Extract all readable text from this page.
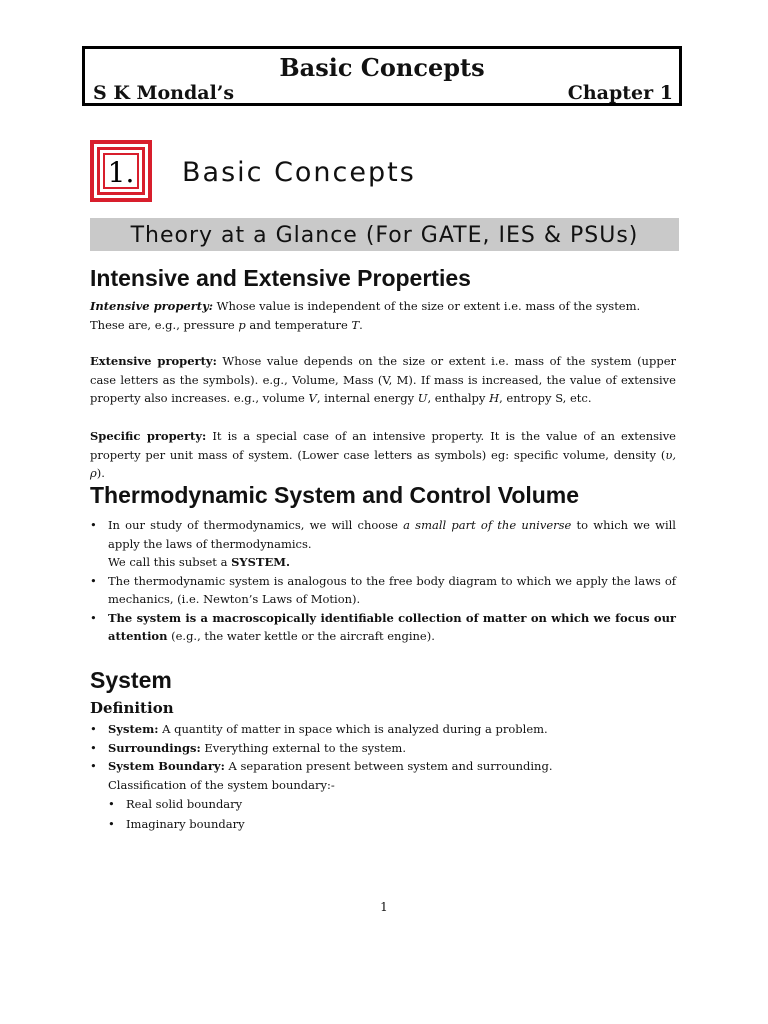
Basic Concepts
S K Mondal’s	Chapter 1
1.	Basic Concepts
Theory at a Glance (For GATE, IES & PSUs)
Intensive and Extensive Properties
Intensive property: Whose value is independent of the size or extent i.e. mass of the system.
These are, e.g., pressure p and temperature T.
Extensive property: Whose value depends on the size or extent i.e. mass of the system (upper case letters as the symbols). e.g., Volume, Mass (V, M). If mass is increased, the value of extensive property also increases. e.g., volume V, internal energy U, enthalpy H, entropy S, etc.
Specific property: It is a special case of an intensive property. It is the value of an extensive property per unit mass of system. (Lower case letters as symbols) eg: specific volume, density (υ, ρ).
Thermodynamic System and Control Volume
• In our study of thermodynamics, we will choose a small part of the universe to which we will apply the laws of thermodynamics.
We call this subset a SYSTEM.
• The thermodynamic system is analogous to the free body diagram to which we apply the laws of mechanics, (i.e. Newton’s Laws of Motion).
• The system is a macroscopically identifiable collection of matter on which we focus our attention (e.g., the water kettle or the aircraft engine).
System
Definition
• System: A quantity of matter in space which is analyzed during a problem.
• Surroundings: Everything external to the system.
• System Boundary: A separation present between system and surrounding.
Classification of the system boundary:-
• Real solid boundary
• Imaginary boundary
1
